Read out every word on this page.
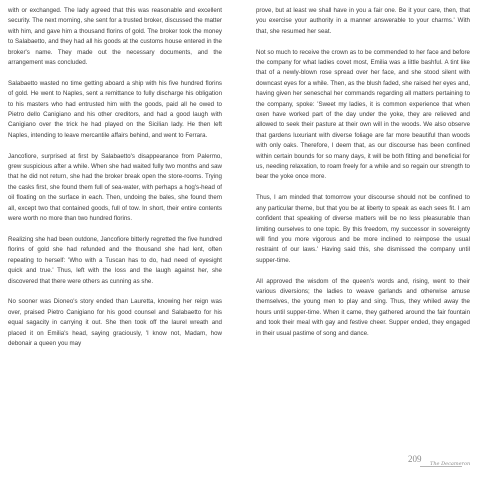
with or exchanged. The lady agreed that this was reasonable and excellent security. The next morning, she sent for a trusted broker, discussed the matter with him, and gave him a thousand florins of gold. The broker took the money to Salabaetto, and they had all his goods at the customs house entered in the broker's name. They made out the necessary documents, and the arrangement was concluded.

Salabaetto wasted no time getting aboard a ship with his five hundred florins of gold. He went to Naples, sent a remittance to fully discharge his obligation to his masters who had entrusted him with the goods, paid all he owed to Pietro dello Canigiano and his other creditors, and had a good laugh with Canigiano over the trick he had played on the Sicilian lady. He then left Naples, intending to leave mercantile affairs behind, and went to Ferrara.

Jancofiore, surprised at first by Salabaetto's disappearance from Palermo, grew suspicious after a while. When she had waited fully two months and saw that he did not return, she had the broker break open the store-rooms. Trying the casks first, she found them full of sea-water, with perhaps a hog's-head of oil floating on the surface in each. Then, undoing the bales, she found them all, except two that contained goods, full of tow. In short, their entire contents were worth no more than two hundred florins.

Realizing she had been outdone, Jancofiore bitterly regretted the five hundred florins of gold she had refunded and the thousand she had lent, often repeating to herself: 'Who with a Tuscan has to do, had need of eyesight quick and true.' Thus, left with the loss and the laugh against her, she discovered that there were others as cunning as she.

No sooner was Dioneo's story ended than Lauretta, knowing her reign was over, praised Pietro Canigiano for his good counsel and Salabaetto for his equal sagacity in carrying it out. She then took off the laurel wreath and placed it on Emilia's head, saying graciously, 'I know not, Madam, how debonair a queen you may

prove, but at least we shall have in you a fair one. Be it your care, then, that you exercise your authority in a manner answerable to your charms.' With that, she resumed her seat.

Not so much to receive the crown as to be commended to her face and before the company for what ladies covet most, Emilia was a little bashful. A tint like that of a newly-blown rose spread over her face, and she stood silent with downcast eyes for a while. Then, as the blush faded, she raised her eyes and, having given her seneschal her commands regarding all matters pertaining to the company, spoke: 'Sweet my ladies, it is common experience that when oxen have worked part of the day under the yoke, they are relieved and allowed to seek their pasture at their own will in the woods. We also observe that gardens luxuriant with diverse foliage are far more beautiful than woods with only oaks. Therefore, I deem that, as our discourse has been confined within certain bounds for so many days, it will be both fitting and beneficial for us, needing relaxation, to roam freely for a while and so regain our strength to bear the yoke once more.

Thus, I am minded that tomorrow your discourse should not be confined to any particular theme, but that you be at liberty to speak as each sees fit. I am confident that speaking of diverse matters will be no less pleasurable than limiting ourselves to one topic. By this freedom, my successor in sovereignty will find you more vigorous and be more inclined to reimpose the usual restraint of our laws.' Having said this, she dismissed the company until supper-time.

All approved the wisdom of the queen's words and, rising, went to their various diversions; the ladies to weave garlands and otherwise amuse themselves, the young men to play and sing. Thus, they whiled away the hours until supper-time. When it came, they gathered around the fair fountain and took their meal with gay and festive cheer. Supper ended, they engaged in their usual pastime of song and dance.

209 The Decameron
